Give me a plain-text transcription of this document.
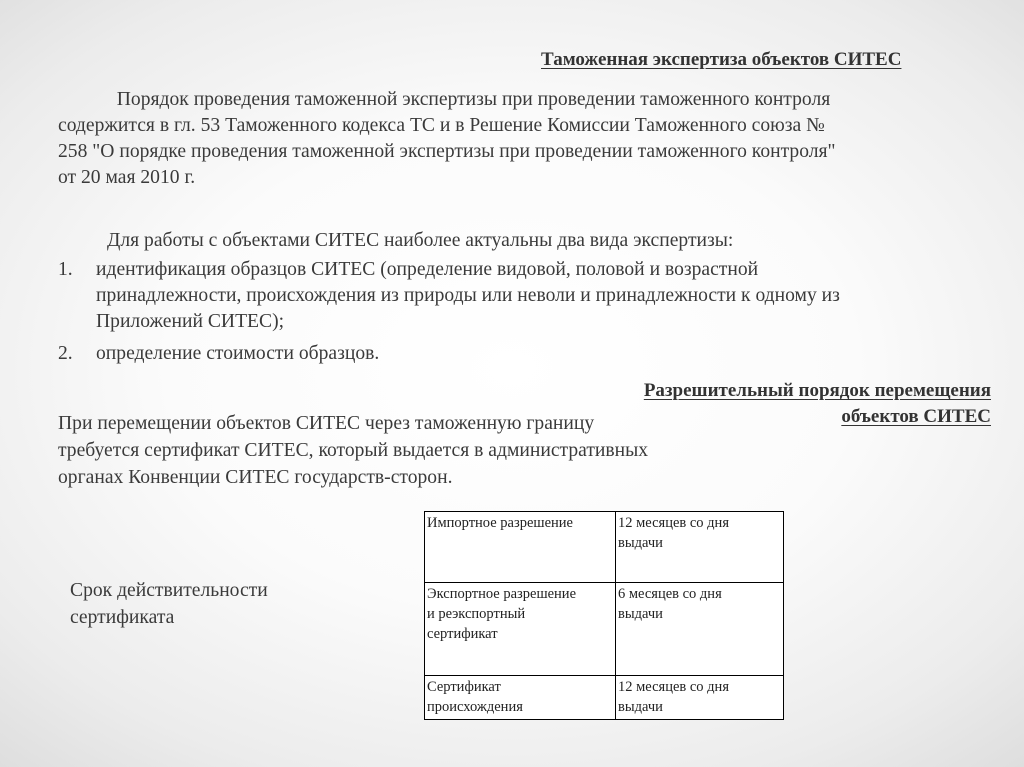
Таможенная экспертиза объектов СИТЕС
Порядок проведения таможенной экспертизы при проведении таможенного контроля
содержится в гл. 53 Таможенного кодекса ТС и в Решение Комиссии Таможенного союза №
258 "О порядке проведения таможенной экспертизы при проведении таможенного контроля"
от 20 мая 2010 г.
Для работы с объектами СИТЕС наиболее актуальны два вида экспертизы:
1. идентификация образцов СИТЕС (определение видовой, половой и возрастной
принадлежности, происхождения из природы или неволи и принадлежности к одному из
Приложений СИТЕС);
2. определение стоимости образцов.
Разрешительный порядок перемещения
объектов СИТЕС
При перемещении объектов СИТЕС через таможенную границу
требуется сертификат СИТЕС, который выдается в административных
органах Конвенции СИТЕС государств-сторон.
Срок действительности
сертификата
Импортное разрешение	12 месяцев со дня
выдачи
Экспортное разрешение
и реэкспортный
сертификат	6 месяцев со дня
выдачи
Сертификат
происхождения	12 месяцев со дня
выдачи
